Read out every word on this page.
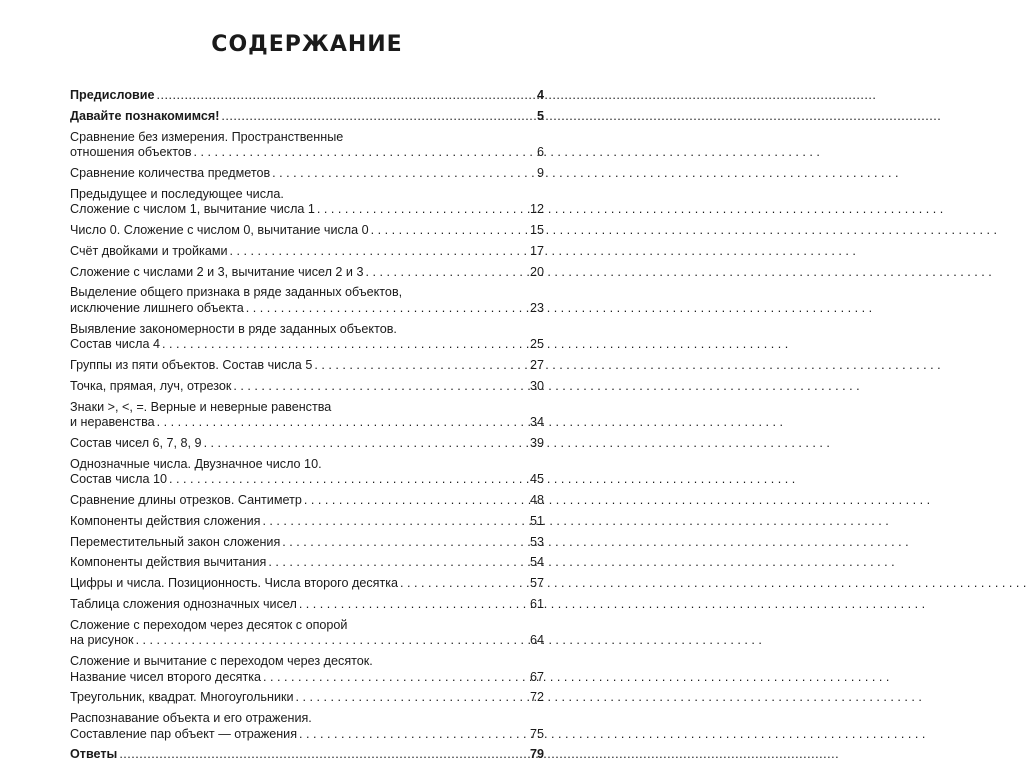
СОДЕРЖАНИЕ
Предисловие .....	4
Давайте познакомимся! .....	5
Сравнение без измерения. Пространственные
отношения объектов . . .	6
Сравнение количества предметов . . .	9
Предыдущее и последующее числа.
Сложение с числом 1, вычитание числа 1 . . .	12
Число 0. Сложение с числом 0, вычитание числа 0 . . .	15
Счёт двойками и тройками . . .	17
Сложение с числами 2 и 3, вычитание чисел 2 и 3 . . .	20
Выделение общего признака в ряде заданных объектов,
исключение лишнего объекта . . .	23
Выявление закономерности в ряде заданных объектов.
Состав числа 4 . . .	25
Группы из пяти объектов. Состав числа 5 . . .	27
Точка, прямая, луч, отрезок . . .	30
Знаки >, <, =. Верные и неверные равенства
и неравенства . . .	34
Состав чисел 6, 7, 8, 9 . . .	39
Однозначные числа. Двузначное число 10.
Состав числа 10 . . .	45
Сравнение длины отрезков. Сантиметр . . .	48
Компоненты действия сложения . . .	51
Переместительный закон сложения . . .	53
Компоненты действия вычитания . . .	54
Цифры и числа. Позиционность. Числа второго десятка . . .	57
Таблица сложения однозначных чисел . . .	61
Сложение с переходом через десяток с опорой
на рисунок . . .	64
Сложение и вычитание с переходом через десяток.
Название чисел второго десятка . . .	67
Треугольник, квадрат. Многоугольники . . .	72
Распознавание объекта и его отражения.
Составление пар объект — отражения . . .	75
Ответы .....	79
